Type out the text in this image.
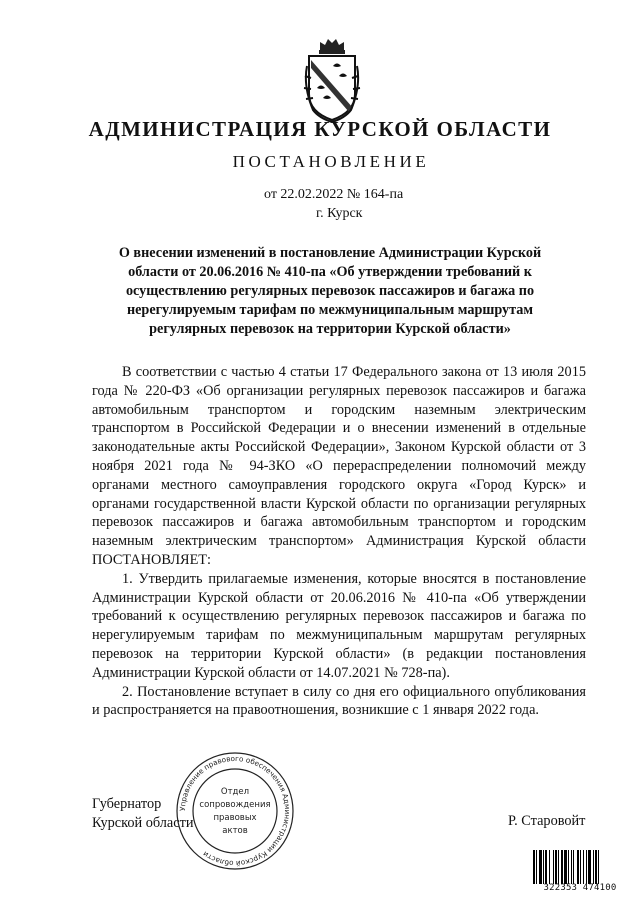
АДМИНИСТРАЦИЯ КУРСКОЙ ОБЛАСТИ
ПОСТАНОВЛЕНИЕ
от 22.02.2022 № 164-па
г. Курск
О внесении изменений в постановление Администрации Курской области от 20.06.2016 № 410-па «Об утверждении требований к осуществлению регулярных перевозок пассажиров и багажа по нерегулируемым тарифам по межмуниципальным маршрутам регулярных перевозок на территории Курской области»

В соответствии с частью 4 статьи 17 Федерального закона от 13 июля 2015 года № 220-ФЗ «Об организации регулярных перевозок пассажиров и багажа автомобильным транспортом и городским наземным электрическим транспортом в Российской Федерации и о внесении изменений в отдельные законодательные акты Российской Федерации», Законом Курской области от 3 ноября 2021 года № 94-ЗКО «О перераспределении полномочий между органами местного самоуправления городского округа «Город Курск» и органами государственной власти Курской области по организации регулярных перевозок пассажиров и багажа автомобильным транспортом и городским наземным электрическим транспортом» Администрация Курской области ПОСТАНОВЛЯЕТ:

1. Утвердить прилагаемые изменения, которые вносятся в постановление Администрации Курской области от 20.06.2016 № 410-па «Об утверждении требований к осуществлению регулярных перевозок пассажиров и багажа по нерегулируемым тарифам по межмуниципальным маршрутам регулярных перевозок на территории Курской области» (в редакции постановления Администрации Курской области от 14.07.2021 № 728-па).

2. Постановление вступает в силу со дня его официального опубликования и распространяется на правоотношения, возникшие с 1 января 2022 года.

Губернатор
Курской области	Р. Старовойт
Управление правового обеспечения Администрации Курской области
Отдел
сопровождения
правовых
актов
322353 474100
